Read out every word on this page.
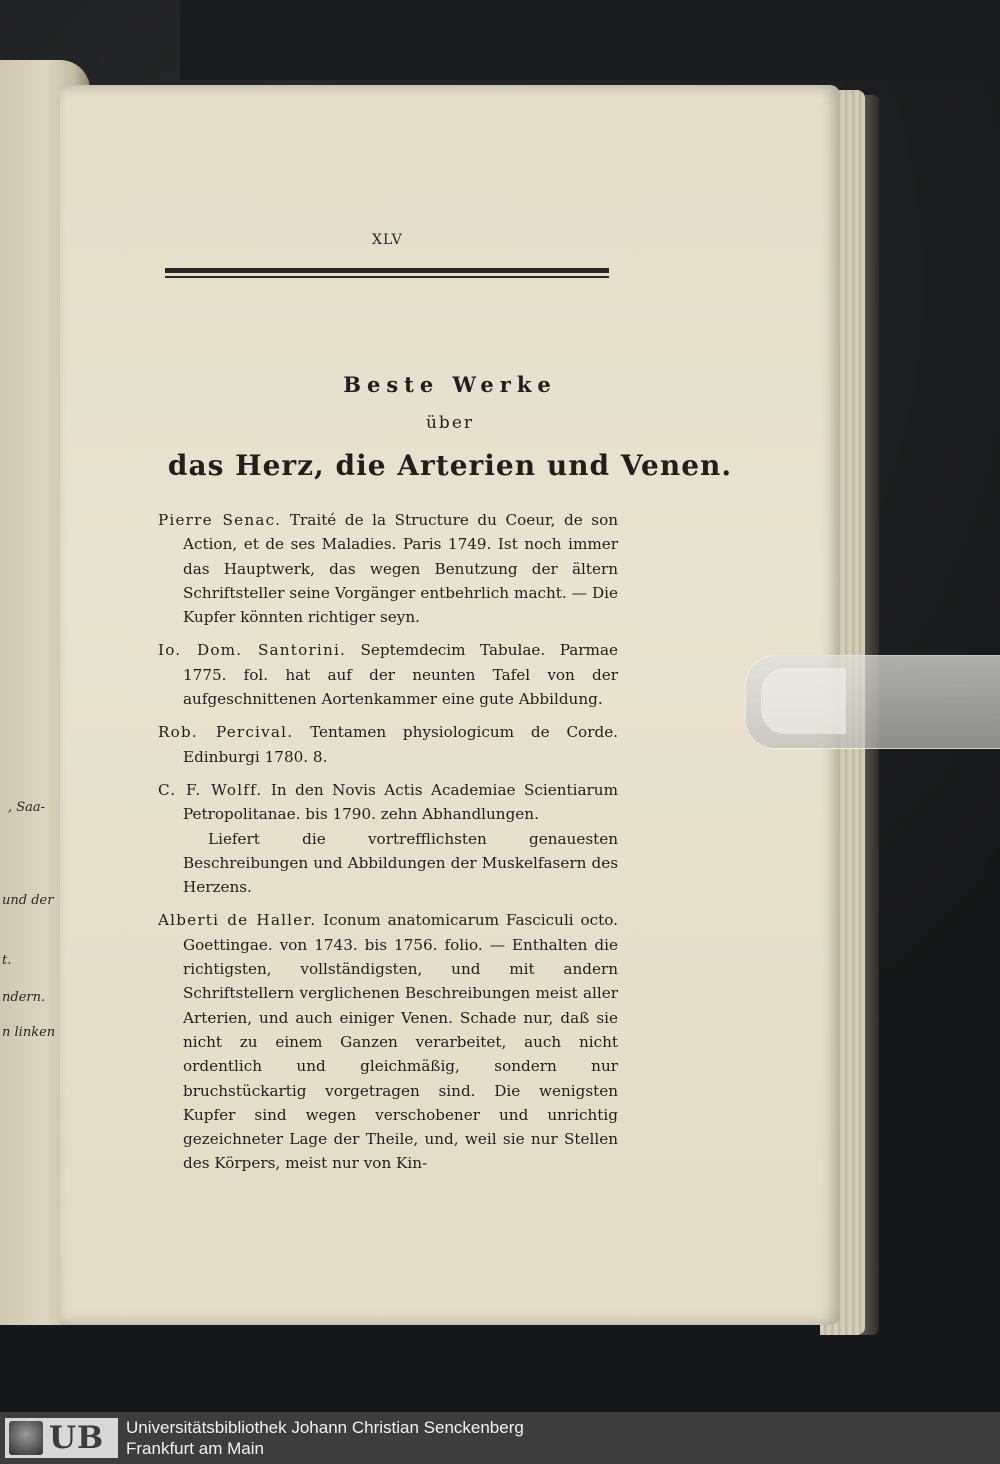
, Saa-
und der
t.
ndern.
n linken
XLV
Beste Werke
über
das Herz, die Arterien und Venen.

Pierre Senac. Traité de la Structure du Coeur, de son Action, et de ses Maladies. Paris 1749. Ist noch immer das Hauptwerk, das wegen Benutzung der ältern Schriftsteller seine Vorgänger entbehrlich macht. — Die Kupfer könnten richtiger seyn.

Io. Dom. Santorini. Septemdecim Tabulae. Parmae 1775. fol. hat auf der neunten Tafel von der aufgeschnittenen Aortenkammer eine gute Abbildung.

Rob. Percival. Tentamen physiologicum de Corde. Edinburgi 1780. 8.

C. F. Wolff. In den Novis Actis Academiae Scientiarum Petropolitanae. bis 1790. zehn Abhandlungen.
Liefert die vortrefflichsten genauesten Beschreibungen und Abbildungen der Muskelfasern des Herzens.

Alberti de Haller. Iconum anatomicarum Fasciculi octo. Goettingae. von 1743. bis 1756. folio. — Enthalten die richtigsten, vollständigsten, und mit andern Schriftstellern verglichenen Beschreibungen meist aller Arterien, und auch einiger Venen. Schade nur, daß sie nicht zu einem Ganzen verarbeitet, auch nicht ordentlich und gleichmäßig, sondern nur bruchstückartig vorgetragen sind. Die wenigsten Kupfer sind wegen verschobener und unrichtig gezeichneter Lage der Theile, und, weil sie nur Stellen des Körpers, meist nur von Kin-

UB Universitätsbibliothek Johann Christian Senckenberg
Frankfurt am Main
